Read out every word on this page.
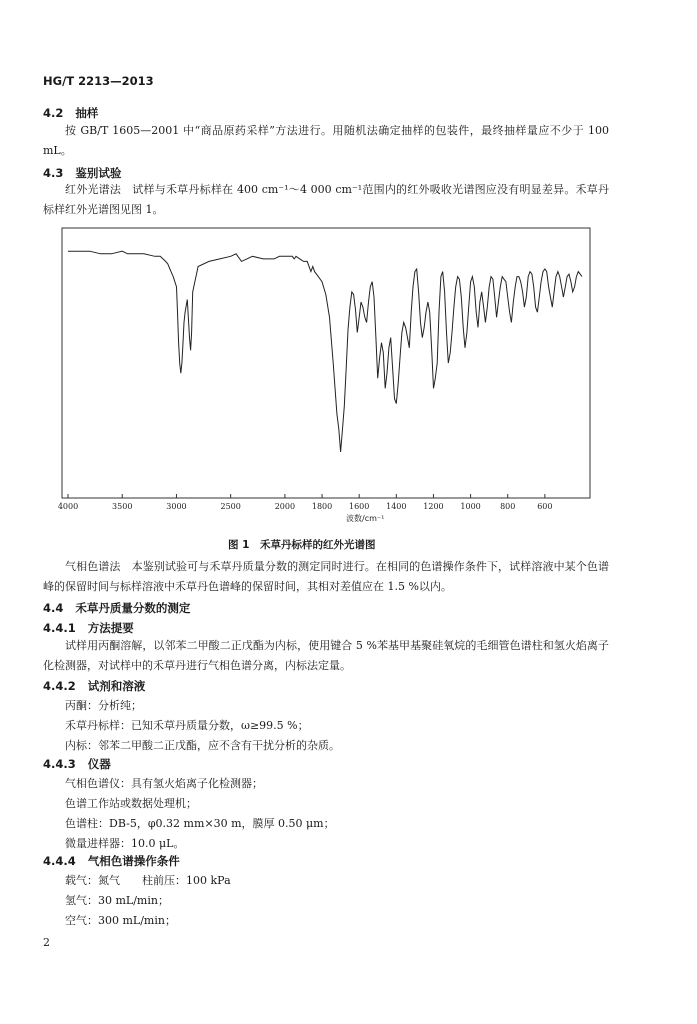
HG/T 2213—2013
4.2 抽样
按 GB/T 1605—2001 中“商品原药采样”方法进行。用随机法确定抽样的包装件，最终抽样量应不少于 100 mL。
4.3 鉴别试验
红外光谱法　试样与禾草丹标样在 400 cm⁻¹～4 000 cm⁻¹范围内的红外吸收光谱图应没有明显差异。禾草丹标样红外光谱图见图 1。
4000	3500	3000	2500	2000 1800 1600 1400 1200 1000 800	600
波数/cm⁻¹
图 1　禾草丹标样的红外光谱图
气相色谱法　本鉴别试验可与禾草丹质量分数的测定同时进行。在相同的色谱操作条件下，试样溶液中某个色谱峰的保留时间与标样溶液中禾草丹色谱峰的保留时间，其相对差值应在 1.5 %以内。
4.4 禾草丹质量分数的测定
4.4.1 方法提要
试样用丙酮溶解，以邻苯二甲酸二正戊酯为内标，使用键合 5 %苯基甲基聚硅氧烷的毛细管色谱柱和氢火焰离子化检测器，对试样中的禾草丹进行气相色谱分离，内标法定量。
4.4.2 试剂和溶液
丙酮：分析纯；
禾草丹标样：已知禾草丹质量分数，ω≥99.5 %；
内标：邻苯二甲酸二正戊酯，应不含有干扰分析的杂质。
4.4.3 仪器
气相色谱仪：具有氢火焰离子化检测器；
色谱工作站或数据处理机；
色谱柱：DB-5，φ0.32 mm×30 m，膜厚 0.50 μm；
微量进样器：10.0 μL。
4.4.4 气相色谱操作条件
载气：氮气　　柱前压：100 kPa
氢气：30 mL/min；
空气：300 mL/min；
2
